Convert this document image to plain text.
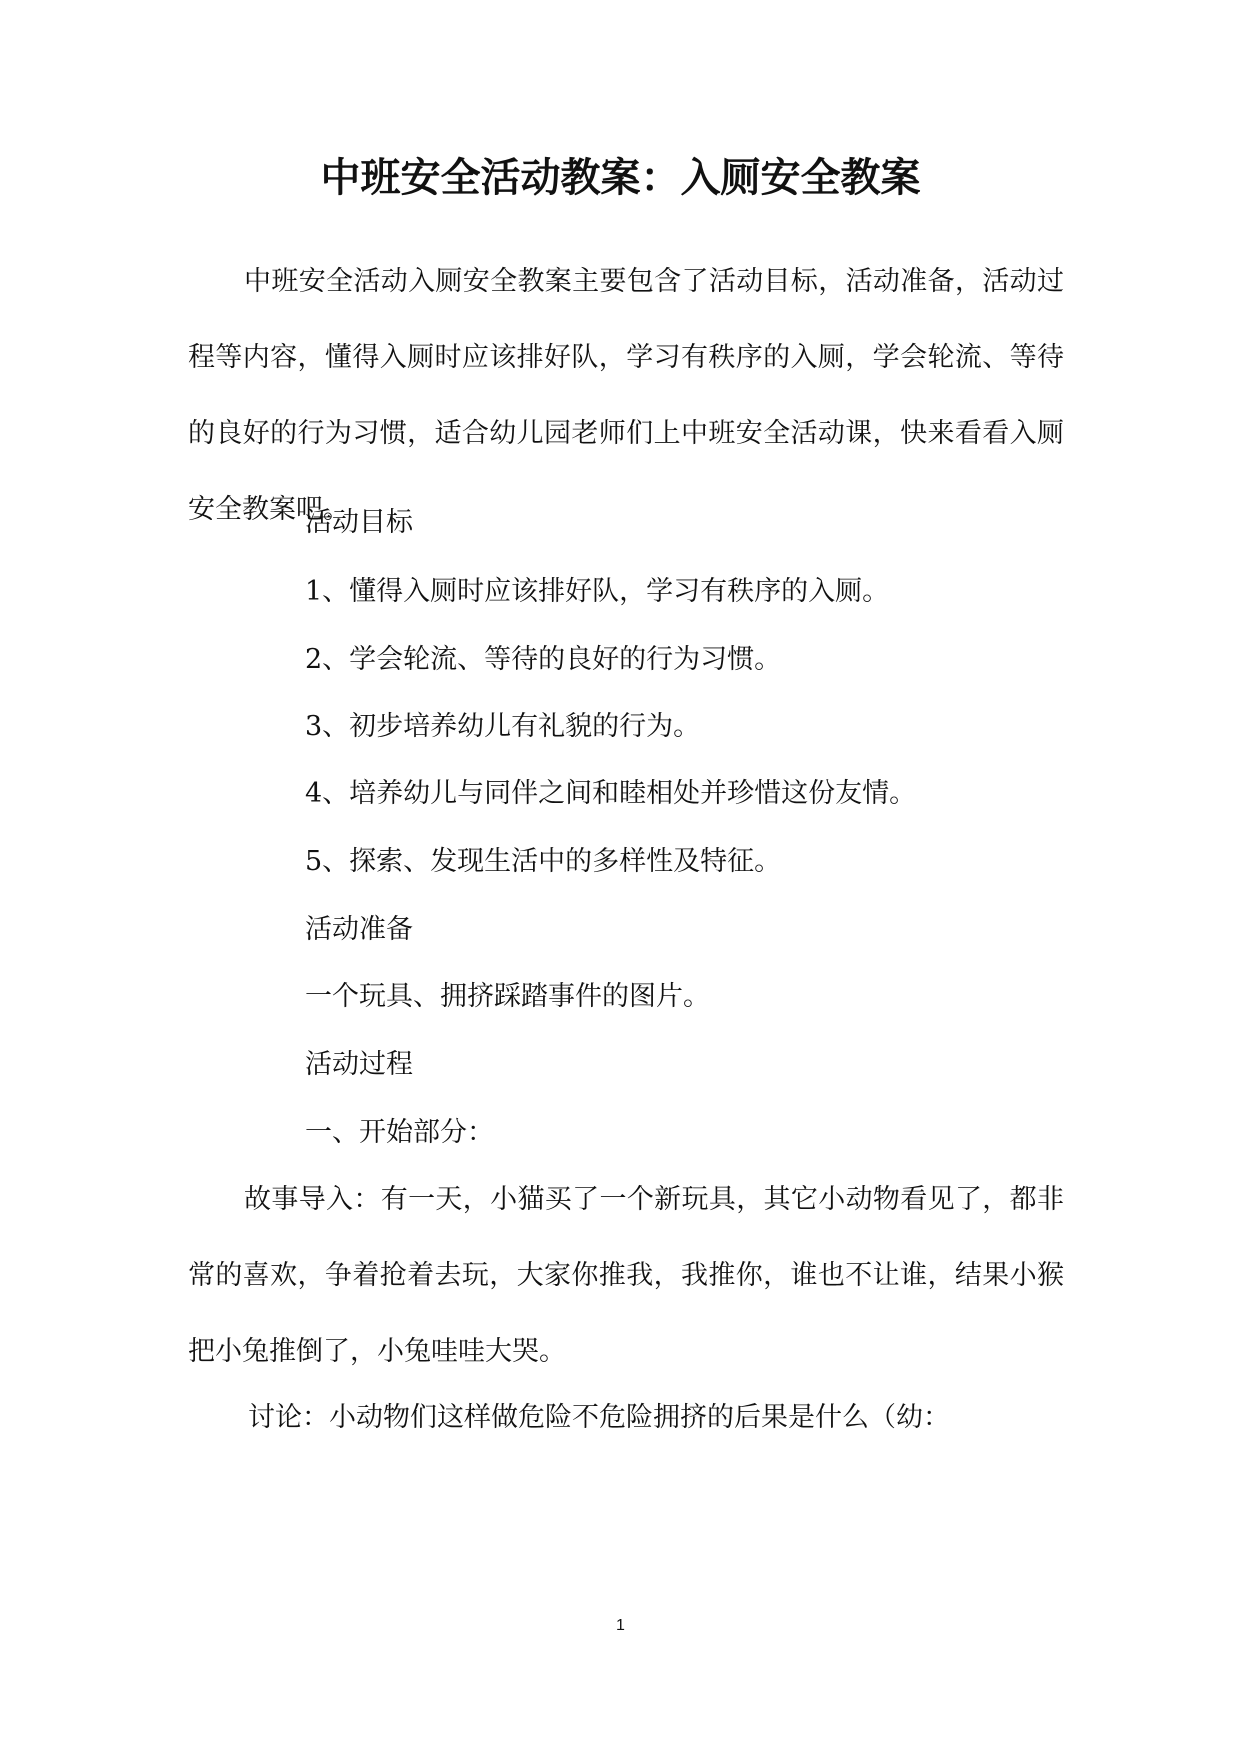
中班安全活动教案：入厕安全教案

中班安全活动入厕安全教案主要包含了活动目标，活动准备，活动过程等内容，懂得入厕时应该排好队，学习有秩序的入厕，学会轮流、等待的良好的行为习惯，适合幼儿园老师们上中班安全活动课，快来看看入厕安全教案吧。

活动目标

1、懂得入厕时应该排好队，学习有秩序的入厕。

2、学会轮流、等待的良好的行为习惯。

3、初步培养幼儿有礼貌的行为。

4、培养幼儿与同伴之间和睦相处并珍惜这份友情。

5、探索、发现生活中的多样性及特征。

活动准备

一个玩具、拥挤踩踏事件的图片。

活动过程

一、开始部分：

故事导入：有一天，小猫买了一个新玩具，其它小动物看见了，都非常的喜欢，争着抢着去玩，大家你推我，我推你，谁也不让谁，结果小猴把小兔推倒了，小兔哇哇大哭。

讨论：小动物们这样做危险不危险拥挤的后果是什么（幼：

1
